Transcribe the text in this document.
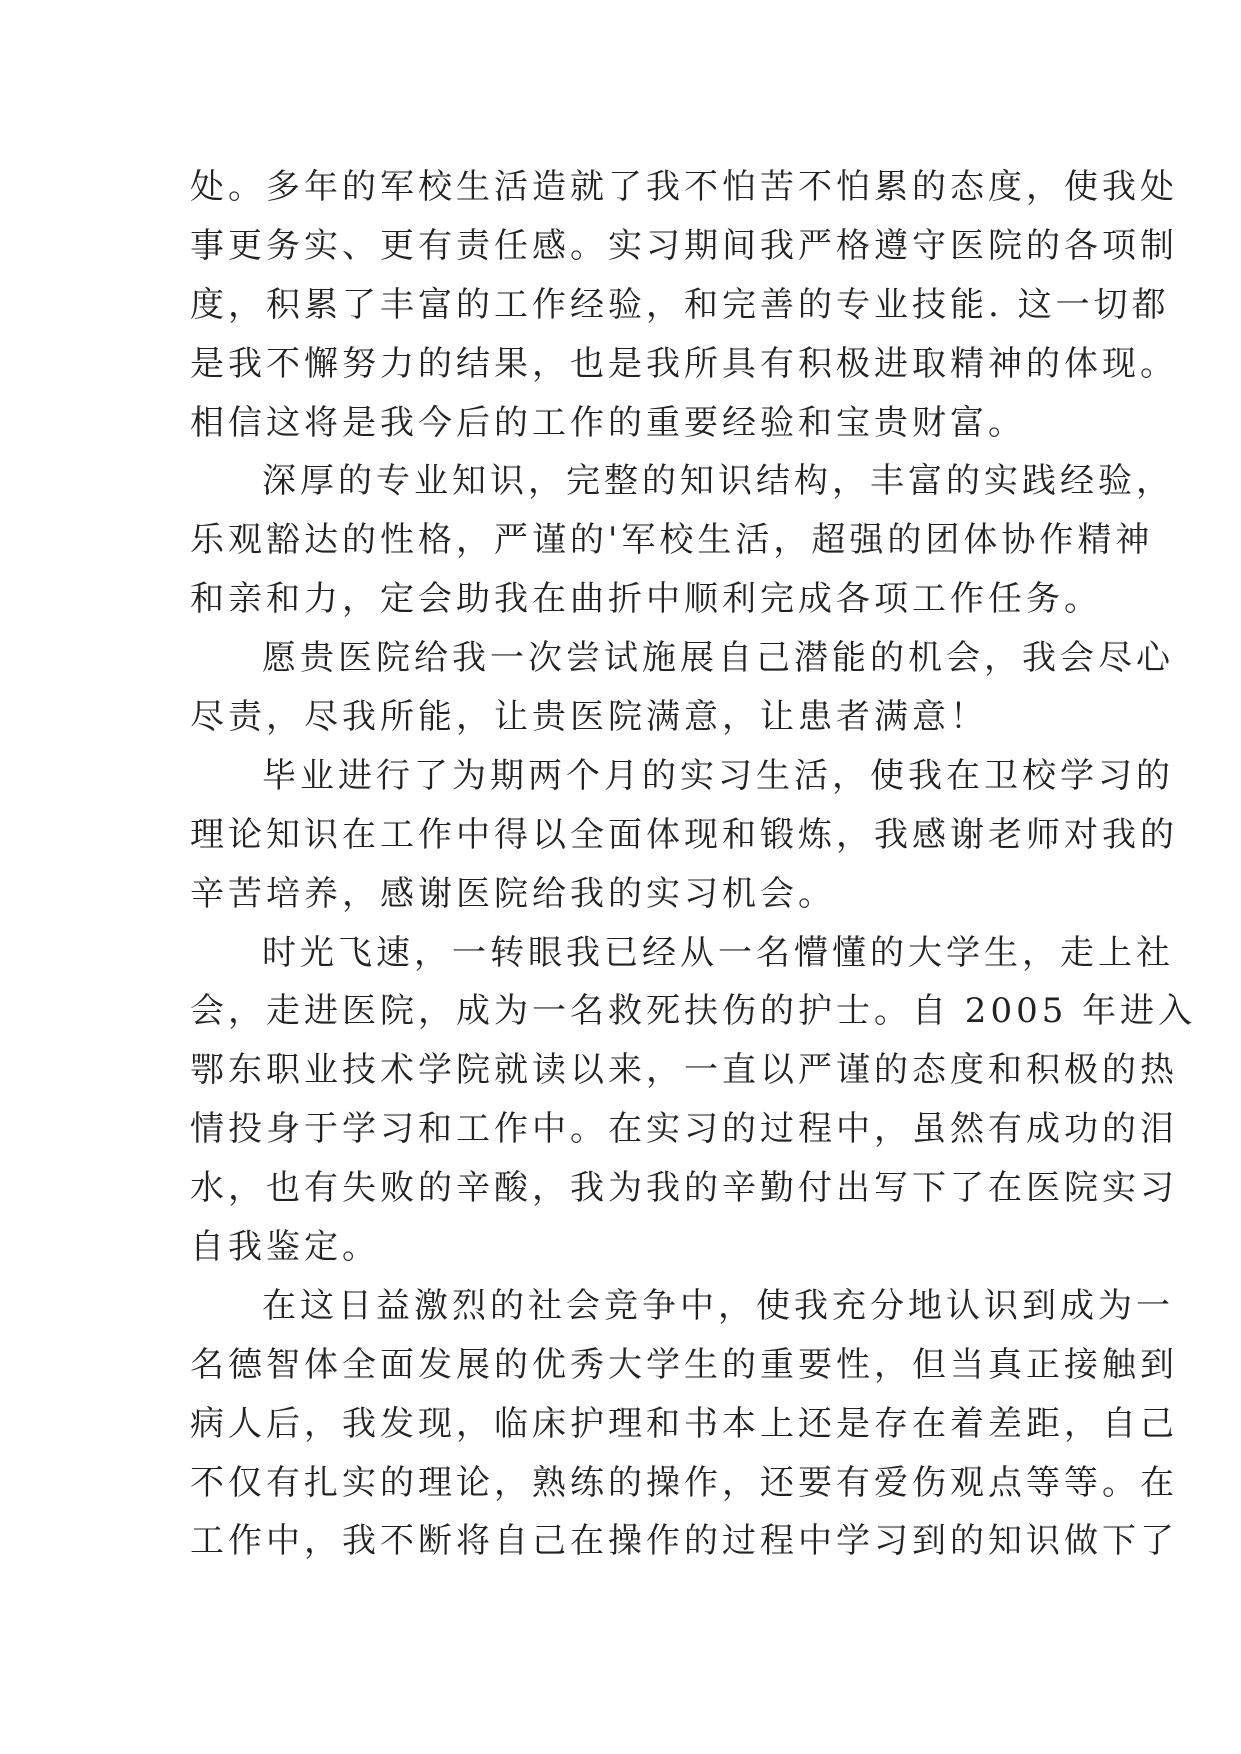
处。多年的军校生活造就了我不怕苦不怕累的态度，使我处
事更务实、更有责任感。实习期间我严格遵守医院的各项制
度，积累了丰富的工作经验，和完善的专业技能. 这一切都
是我不懈努力的结果，也是我所具有积极进取精神的体现。
相信这将是我今后的工作的重要经验和宝贵财富。
深厚的专业知识，完整的知识结构，丰富的实践经验，
乐观豁达的性格，严谨的'军校生活，超强的团体协作精神
和亲和力，定会助我在曲折中顺利完成各项工作任务。
愿贵医院给我一次尝试施展自己潜能的机会，我会尽心
尽责，尽我所能，让贵医院满意，让患者满意！
毕业进行了为期两个月的实习生活，使我在卫校学习的
理论知识在工作中得以全面体现和锻炼，我感谢老师对我的
辛苦培养，感谢医院给我的实习机会。
时光飞速，一转眼我已经从一名懵懂的大学生，走上社
会，走进医院，成为一名救死扶伤的护士。自 2005 年进入
鄂东职业技术学院就读以来，一直以严谨的态度和积极的热
情投身于学习和工作中。在实习的过程中，虽然有成功的泪
水，也有失败的辛酸，我为我的辛勤付出写下了在医院实习
自我鉴定。
在这日益激烈的社会竞争中，使我充分地认识到成为一
名德智体全面发展的优秀大学生的重要性，但当真正接触到
病人后，我发现，临床护理和书本上还是存在着差距，自己
不仅有扎实的理论，熟练的操作，还要有爱伤观点等等。在
工作中，我不断将自己在操作的过程中学习到的知识做下了
